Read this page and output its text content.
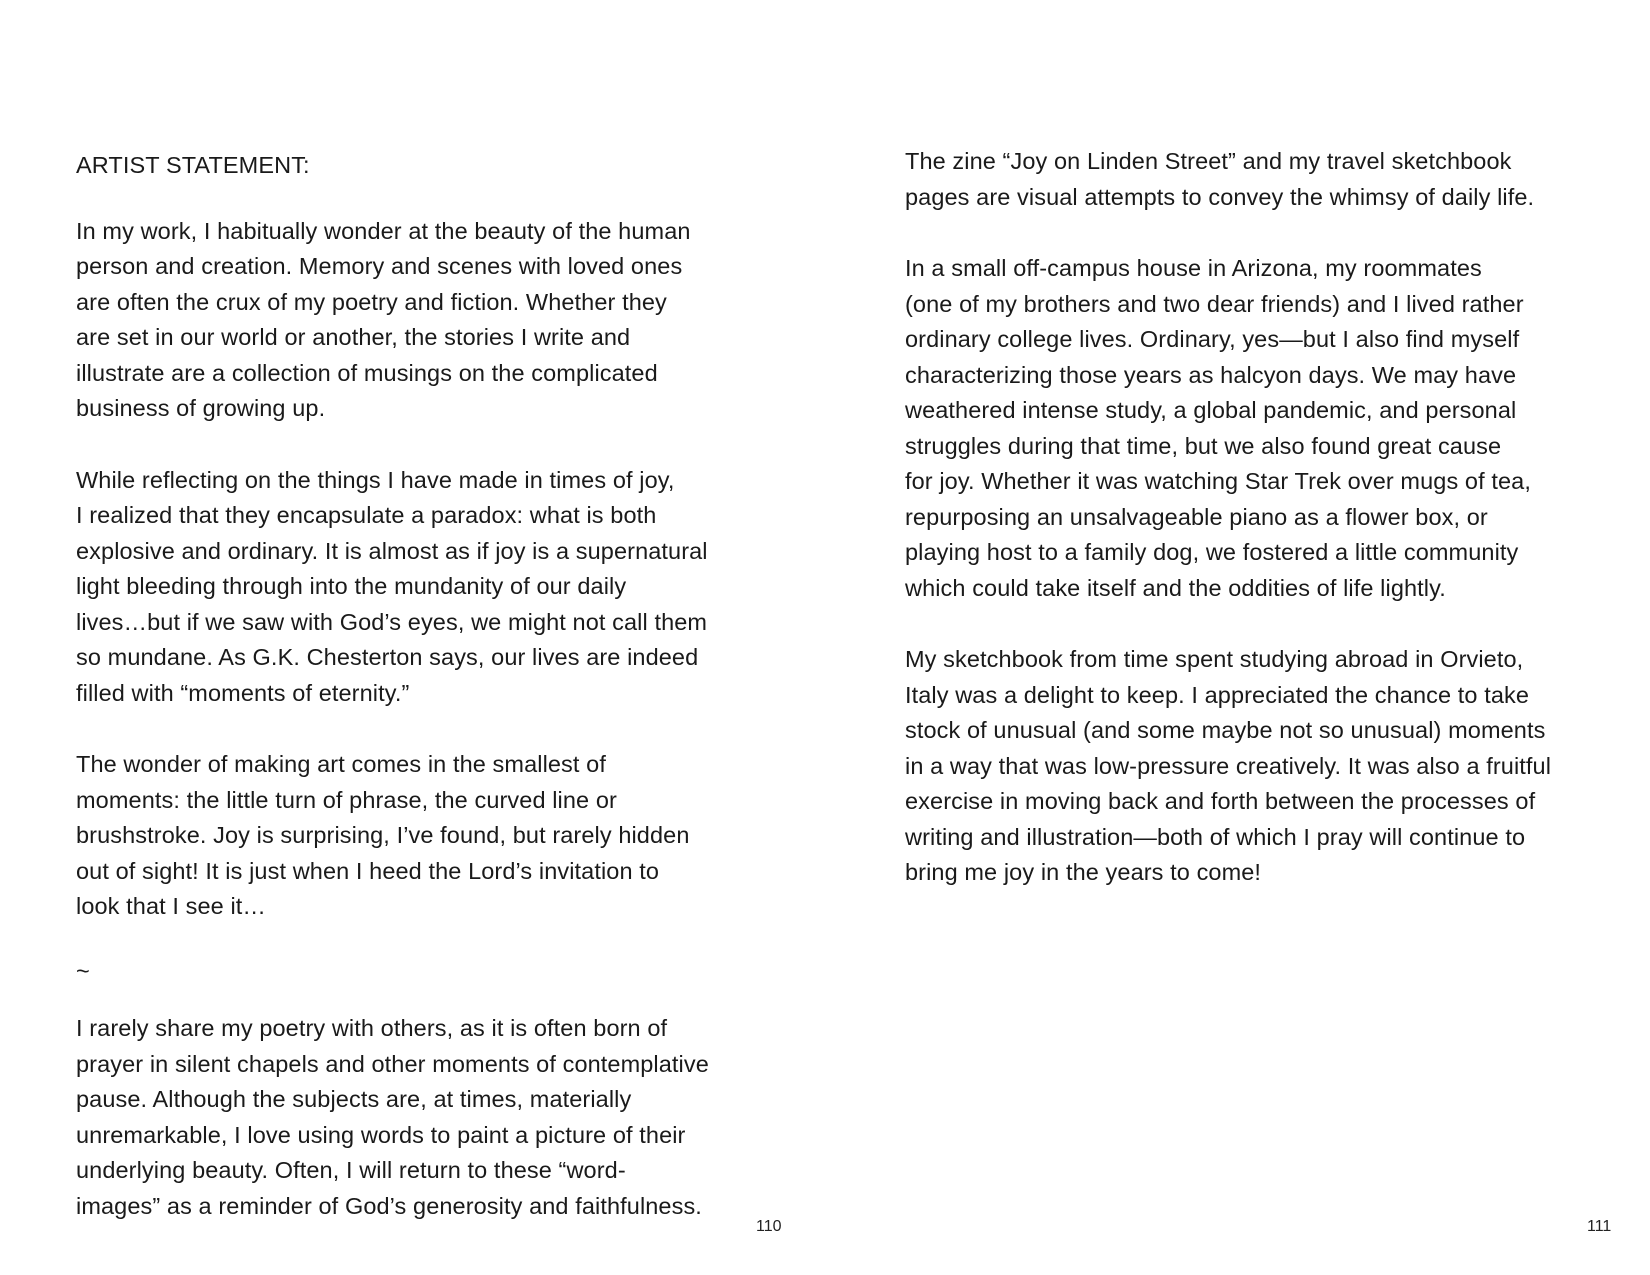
ARTIST STATEMENT:
In my work, I habitually wonder at the beauty of the human
person and creation. Memory and scenes with loved ones
are often the crux of my poetry and fiction. Whether they
are set in our world or another, the stories I write and
illustrate are a collection of musings on the complicated
business of growing up.
While reflecting on the things I have made in times of joy,
I realized that they encapsulate a paradox: what is both
explosive and ordinary. It is almost as if joy is a supernatural
light bleeding through into the mundanity of our daily
lives…but if we saw with God’s eyes, we might not call them
so mundane. As G.K. Chesterton says, our lives are indeed
filled with “moments of eternity.”
The wonder of making art comes in the smallest of
moments: the little turn of phrase, the curved line or
brushstroke. Joy is surprising, I’ve found, but rarely hidden
out of sight! It is just when I heed the Lord’s invitation to
look that I see it…
~
I rarely share my poetry with others, as it is often born of
prayer in silent chapels and other moments of contemplative
pause. Although the subjects are, at times, materially
unremarkable, I love using words to paint a picture of their
underlying beauty. Often, I will return to these “word-
images” as a reminder of God’s generosity and faithfulness.
110
The zine “Joy on Linden Street” and my travel sketchbook
pages are visual attempts to convey the whimsy of daily life.
In a small off-campus house in Arizona, my roommates
(one of my brothers and two dear friends) and I lived rather
ordinary college lives. Ordinary, yes—but I also find myself
characterizing those years as halcyon days. We may have
weathered intense study, a global pandemic, and personal
struggles during that time, but we also found great cause
for joy. Whether it was watching Star Trek over mugs of tea,
repurposing an unsalvageable piano as a flower box, or
playing host to a family dog, we fostered a little community
which could take itself and the oddities of life lightly.
My sketchbook from time spent studying abroad in Orvieto,
Italy was a delight to keep. I appreciated the chance to take
stock of unusual (and some maybe not so unusual) moments
in a way that was low-pressure creatively. It was also a fruitful
exercise in moving back and forth between the processes of
writing and illustration—both of which I pray will continue to
bring me joy in the years to come!
111
